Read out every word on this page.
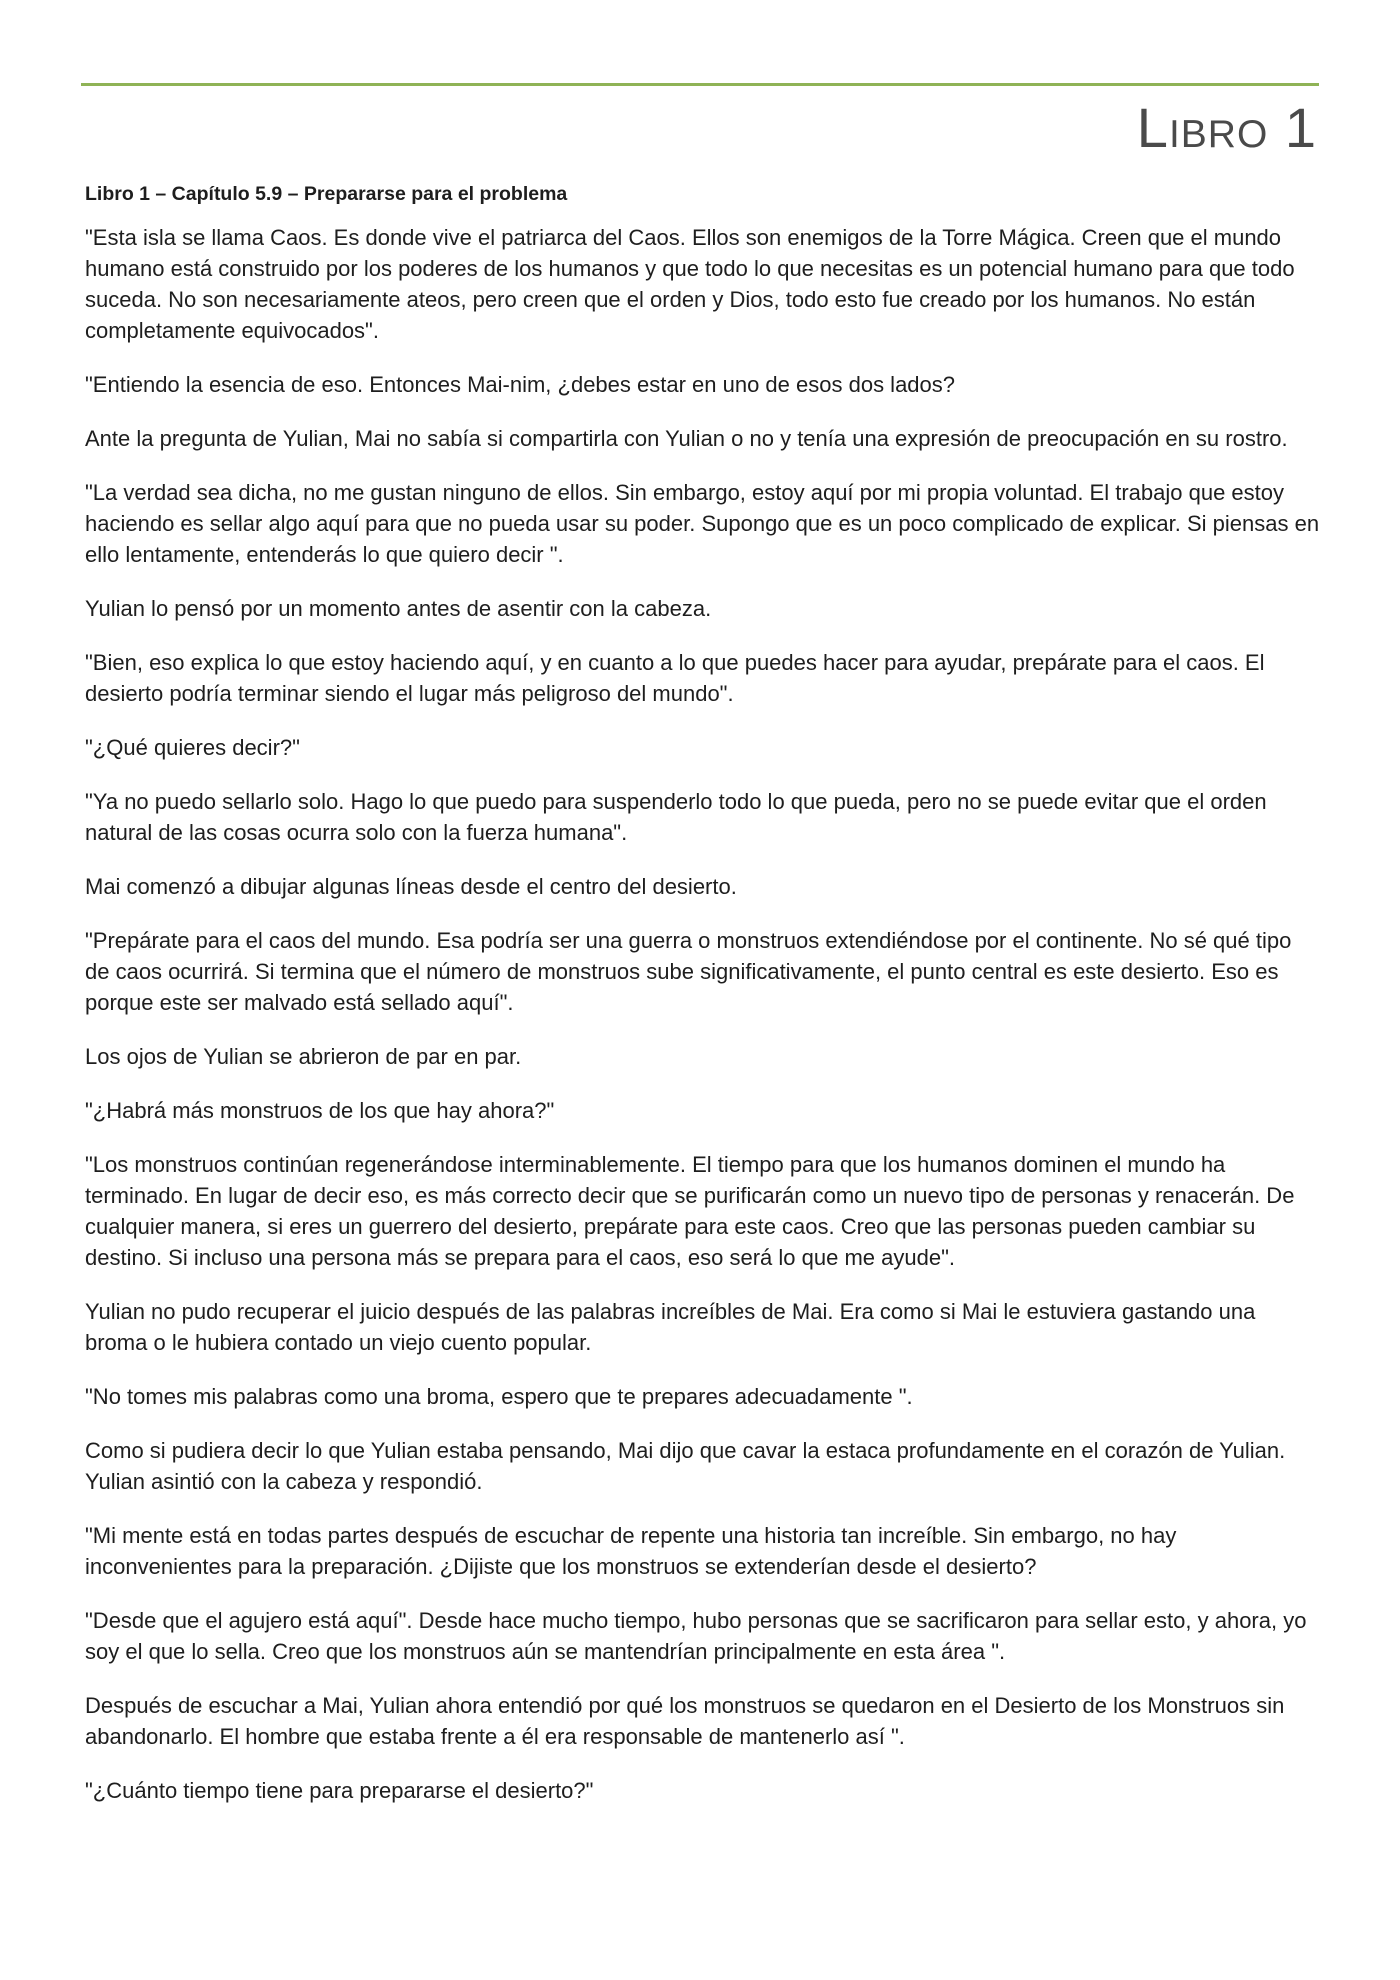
Libro 1
Libro 1 – Capítulo 5.9 – Prepararse para el problema

"Esta isla se llama Caos. Es donde vive el patriarca del Caos. Ellos son enemigos de la Torre Mágica. Creen que el mundo humano está construido por los poderes de los humanos y que todo lo que necesitas es un potencial humano para que todo suceda. No son necesariamente ateos, pero creen que el orden y Dios, todo esto fue creado por los humanos. No están completamente equivocados".

"Entiendo la esencia de eso. Entonces Mai-nim, ¿debes estar en uno de esos dos lados?

Ante la pregunta de Yulian, Mai no sabía si compartirla con Yulian o no y tenía una expresión de preocupación en su rostro.

"La verdad sea dicha, no me gustan ninguno de ellos. Sin embargo, estoy aquí por mi propia voluntad. El trabajo que estoy haciendo es sellar algo aquí para que no pueda usar su poder. Supongo que es un poco complicado de explicar. Si piensas en ello lentamente, entenderás lo que quiero decir ".

Yulian lo pensó por un momento antes de asentir con la cabeza.

"Bien, eso explica lo que estoy haciendo aquí, y en cuanto a lo que puedes hacer para ayudar, prepárate para el caos. El desierto podría terminar siendo el lugar más peligroso del mundo".

"¿Qué quieres decir?"

"Ya no puedo sellarlo solo. Hago lo que puedo para suspenderlo todo lo que pueda, pero no se puede evitar que el orden natural de las cosas ocurra solo con la fuerza humana".

Mai comenzó a dibujar algunas líneas desde el centro del desierto.

"Prepárate para el caos del mundo. Esa podría ser una guerra o monstruos extendiéndose por el continente. No sé qué tipo de caos ocurrirá. Si termina que el número de monstruos sube significativamente, el punto central es este desierto. Eso es porque este ser malvado está sellado aquí".

Los ojos de Yulian se abrieron de par en par.

"¿Habrá más monstruos de los que hay ahora?"

"Los monstruos continúan regenerándose interminablemente. El tiempo para que los humanos dominen el mundo ha terminado. En lugar de decir eso, es más correcto decir que se purificarán como un nuevo tipo de personas y renacerán. De cualquier manera, si eres un guerrero del desierto, prepárate para este caos. Creo que las personas pueden cambiar su destino. Si incluso una persona más se prepara para el caos, eso será lo que me ayude".

Yulian no pudo recuperar el juicio después de las palabras increíbles de Mai. Era como si Mai le estuviera gastando una broma o le hubiera contado un viejo cuento popular.

"No tomes mis palabras como una broma, espero que te prepares adecuadamente ".

Como si pudiera decir lo que Yulian estaba pensando, Mai dijo que cavar la estaca profundamente en el corazón de Yulian. Yulian asintió con la cabeza y respondió.

"Mi mente está en todas partes después de escuchar de repente una historia tan increíble. Sin embargo, no hay inconvenientes para la preparación. ¿Dijiste que los monstruos se extenderían desde el desierto?

"Desde que el agujero está aquí". Desde hace mucho tiempo, hubo personas que se sacrificaron para sellar esto, y ahora, yo soy el que lo sella. Creo que los monstruos aún se mantendrían principalmente en esta área ".

Después de escuchar a Mai, Yulian ahora entendió por qué los monstruos se quedaron en el Desierto de los Monstruos sin abandonarlo. El hombre que estaba frente a él era responsable de mantenerlo así ".

"¿Cuánto tiempo tiene para prepararse el desierto?"
